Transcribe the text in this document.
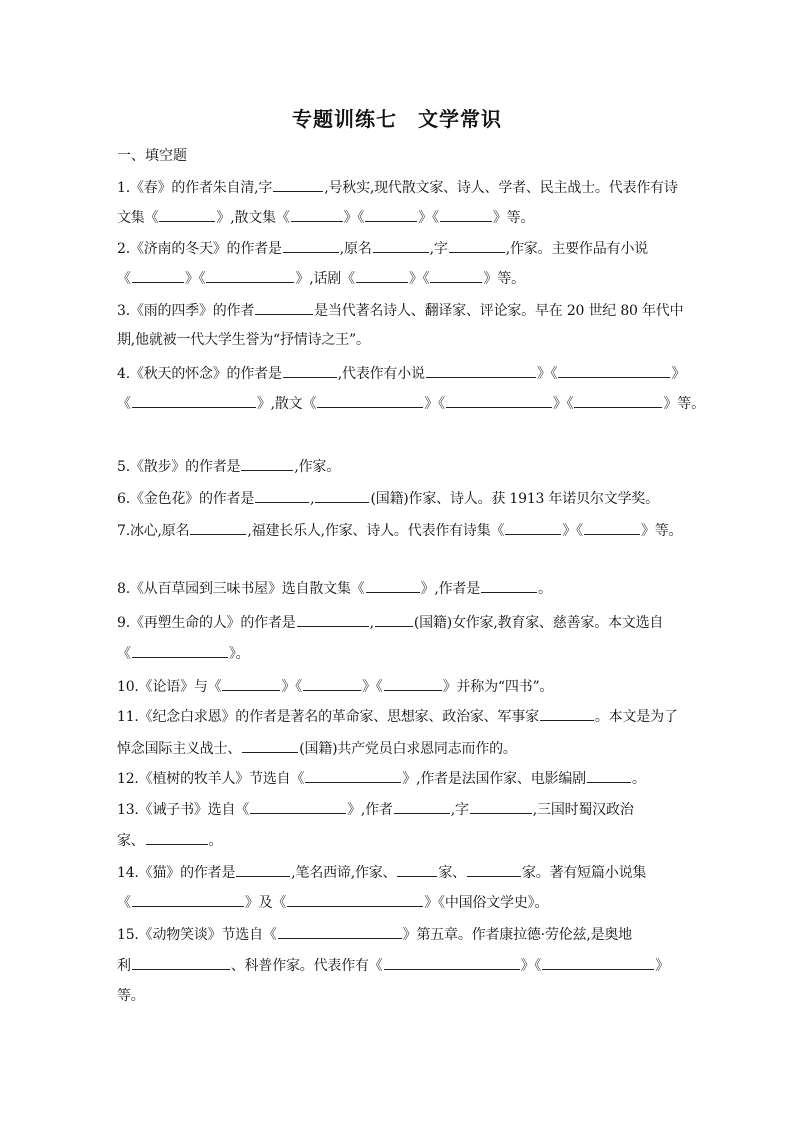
专题训练七　文学常识
一、填空题
1.《春》的作者朱自清,字	,号秋实,现代散文家、诗人、学者、民主战士。代表作有诗
文集《	》,散文集《	》《	》《	》等。
2.《济南的冬天》的作者是	,原名	,字	,作家。主要作品有小说
《	》《	》,话剧《	》《	》等。
3.《雨的四季》的作者	是当代著名诗人、翻译家、评论家。早在 20 世纪 80 年代中
期,他就被一代大学生誉为“抒情诗之王”。
4.《秋天的怀念》的作者是	,代表作有小说	》《	》
《	》,散文《	》《	》《	》等。
5.《散步》的作者是	,作家。
6.《金色花》的作者是	,	(国籍)作家、诗人。获 1913 年诺贝尔文学奖。
7.冰心,原名	,福建长乐人,作家、诗人。代表作有诗集《	》《	》等。
8.《从百草园到三味书屋》选自散文集《	》,作者是	。
9.《再塑生命的人》的作者是	,	(国籍)女作家,教育家、慈善家。本文选自
《	》。
10.《论语》与《	》《	》《	》并称为“四书”。
11.《纪念白求恩》的作者是著名的革命家、思想家、政治家、军事家	。本文是为了
悼念国际主义战士、	(国籍)共产党员白求恩同志而作的。
12.《植树的牧羊人》节选自《	》,作者是法国作家、电影编剧	。
13.《诫子书》选自《	》,作者	,字	,三国时蜀汉政治
家、	。
14.《猫》的作者是	,笔名西谛,作家、	家、	家。著有短篇小说集
《	》及《	》《中国俗文学史》。
15.《动物笑谈》节选自《	》第五章。作者康拉德·劳伦兹,是奥地
利	、科普作家。代表作有《	》《	》
等。
